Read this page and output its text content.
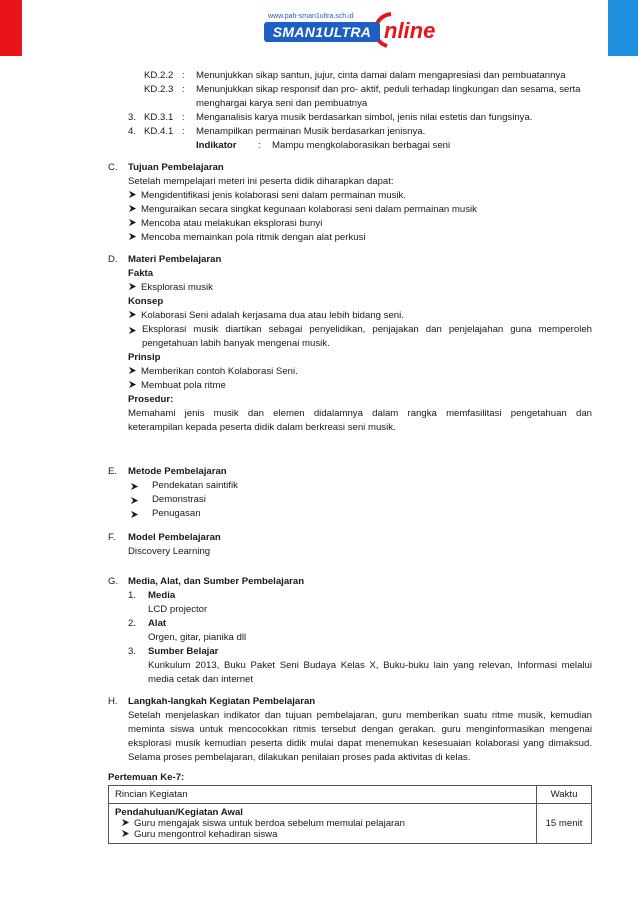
www.pah-sman1ultra.sch.id
SMAN1ULTRA nline
KD.2.2 : Menunjukkan sikap santun, jujur, cinta damai dalam mengapresiasi dan pembuatannya
KD.2.3 : Menunjukkan sikap responsif dan pro- aktif, peduli terhadap lingkungan dan sesama, serta
menghargai karya seni dan pembuatnya
3. KD.3.1 : Menganalisis karya musik berdasarkan simbol, jenis nilai estetis dan fungsinya.
4. KD.4.1 : Menampilkan permainan Musik berdasarkan jenisnya.
Indikator : Mampu mengkolaborasikan berbagai seni
C. Tujuan Pembelajaran
Setelah mempelajari meteri ini peserta didik diharapkan dapat:
Mengidentifikasi jenis kolaborasi seni dalam permainan musik.
Menguraikan secara singkat kegunaan kolaborasi seni dalam permainan musik
Mencoba atau melakukan eksplorasi bunyi
Mencoba memainkan pola ritmik dengan alat perkusi
D. Materi Pembelajaran
Fakta
Eksplorasi musik
Konsep
Kolaborasi Seni adalah kerjasama dua atau lebih bidang seni.
Eksplorasi musik diartikan sebagai penyelidikan, penjajakan dan penjelajahan guna memperoleh
pengetahuan labih banyak mengenai musik.
Prinsip
Memberikan contoh Kolaborasi Seni.
Membuat pola ritme
Prosedur:
Memahami jenis musik dan elemen didalamnya dalam rangka memfasilitasi pengetahuan dan
keterampilan kepada peserta didik dalam berkreasi seni musik.
E. Metode Pembelajaran
Pendekatan saintifik
Demonstrasi
Penugasan
F. Model Pembelajaran
Discovery Learning
G. Media, Alat, dan Sumber Pembelajaran
1. Media
LCD projector
2. Alat
Orgen, gitar, pianika dll
3. Sumber Belajar
Kurikulum 2013, Buku Paket Seni Budaya Kelas X, Buku-buku lain yang relevan, Informasi melalui
media cetak dan internet
H. Langkah-langkah Kegiatan Pembelajaran
Setelah menjelaskan indikator dan tujuan pembelajaran, guru memberikan suatu ritme musik, kemudian
meminta siswa untuk mencocokkan ritmis tersebut dengan gerakan. guru menginformasikan mengenai
eksplorasi musik kemudian peserta didik mulai dapat menemukan kesesuaian kolaborasi yang dimaksud.
Selama proses pembelajaran, dilakukan penilaian proses pada aktivitas di kelas.
Pertemuan Ke-7:
Rincian Kegiatan	Waktu

Pendahuluan/Kegiatan Awal
Guru mengajak siswa untuk berdoa sebelum memulai pelajaran
Guru mengontrol kehadiran siswa	15 menit
